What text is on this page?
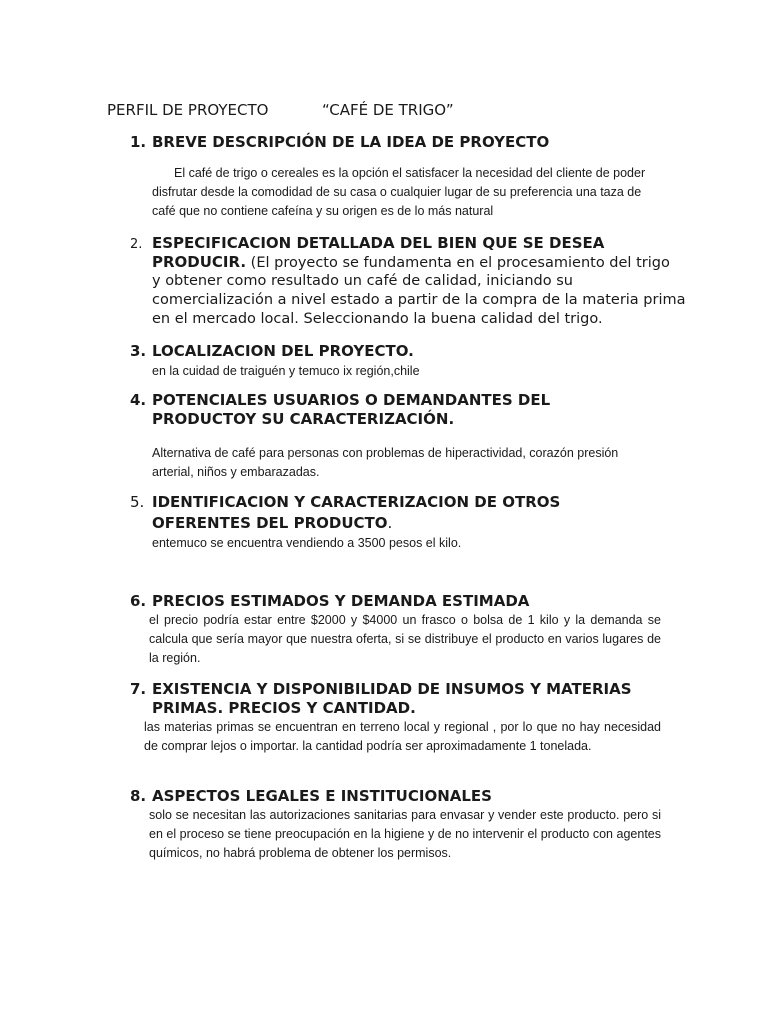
PERFIL DE PROYECTO	“CAFÉ DE TRIGO”
1. BREVE DESCRIPCIÓN DE LA IDEA DE PROYECTO
El café de trigo o cereales es la opción el satisfacer la necesidad del cliente de poder disfrutar desde la comodidad de su casa o cualquier lugar de su preferencia una taza de café que no contiene cafeína y su origen es de lo más natural
2. ESPECIFICACION DETALLADA DEL BIEN QUE SE DESEA
PRODUCIR. (El proyecto se fundamenta en el procesamiento del trigo
y obtener como resultado un café de calidad, iniciando su
comercialización a nivel estado a partir de la compra de la materia prima
en el mercado local. Seleccionando la buena calidad del trigo.
3. LOCALIZACION DEL PROYECTO.
en la cuidad de traiguén y temuco ix región,chile
4. POTENCIALES USUARIOS O DEMANDANTES DEL
PRODUCTOY SU CARACTERIZACIÓN.
Alternativa de café para personas con problemas de hiperactividad, corazón presión arterial, niños y embarazadas.
5. IDENTIFICACION Y CARACTERIZACION DE OTROS
OFERENTES DEL PRODUCTO.
entemuco se encuentra vendiendo a 3500 pesos el kilo.
6. PRECIOS ESTIMADOS Y DEMANDA ESTIMADA
el precio podría estar entre $2000 y $4000 un frasco o bolsa de 1 kilo y la demanda se calcula que sería mayor que nuestra oferta, si se distribuye el producto en varios lugares de la región.
7. EXISTENCIA Y DISPONIBILIDAD DE INSUMOS Y MATERIAS
PRIMAS. PRECIOS Y CANTIDAD.
las materias primas se encuentran en terreno local y regional , por lo que no hay necesidad de comprar lejos o importar. la cantidad podría ser aproximadamente 1 tonelada.
8. ASPECTOS LEGALES E INSTITUCIONALES
solo se necesitan las autorizaciones sanitarias para envasar y vender este producto. pero si en el proceso se tiene preocupación en la higiene y de no intervenir el producto con agentes químicos, no habrá problema de obtener los permisos.
